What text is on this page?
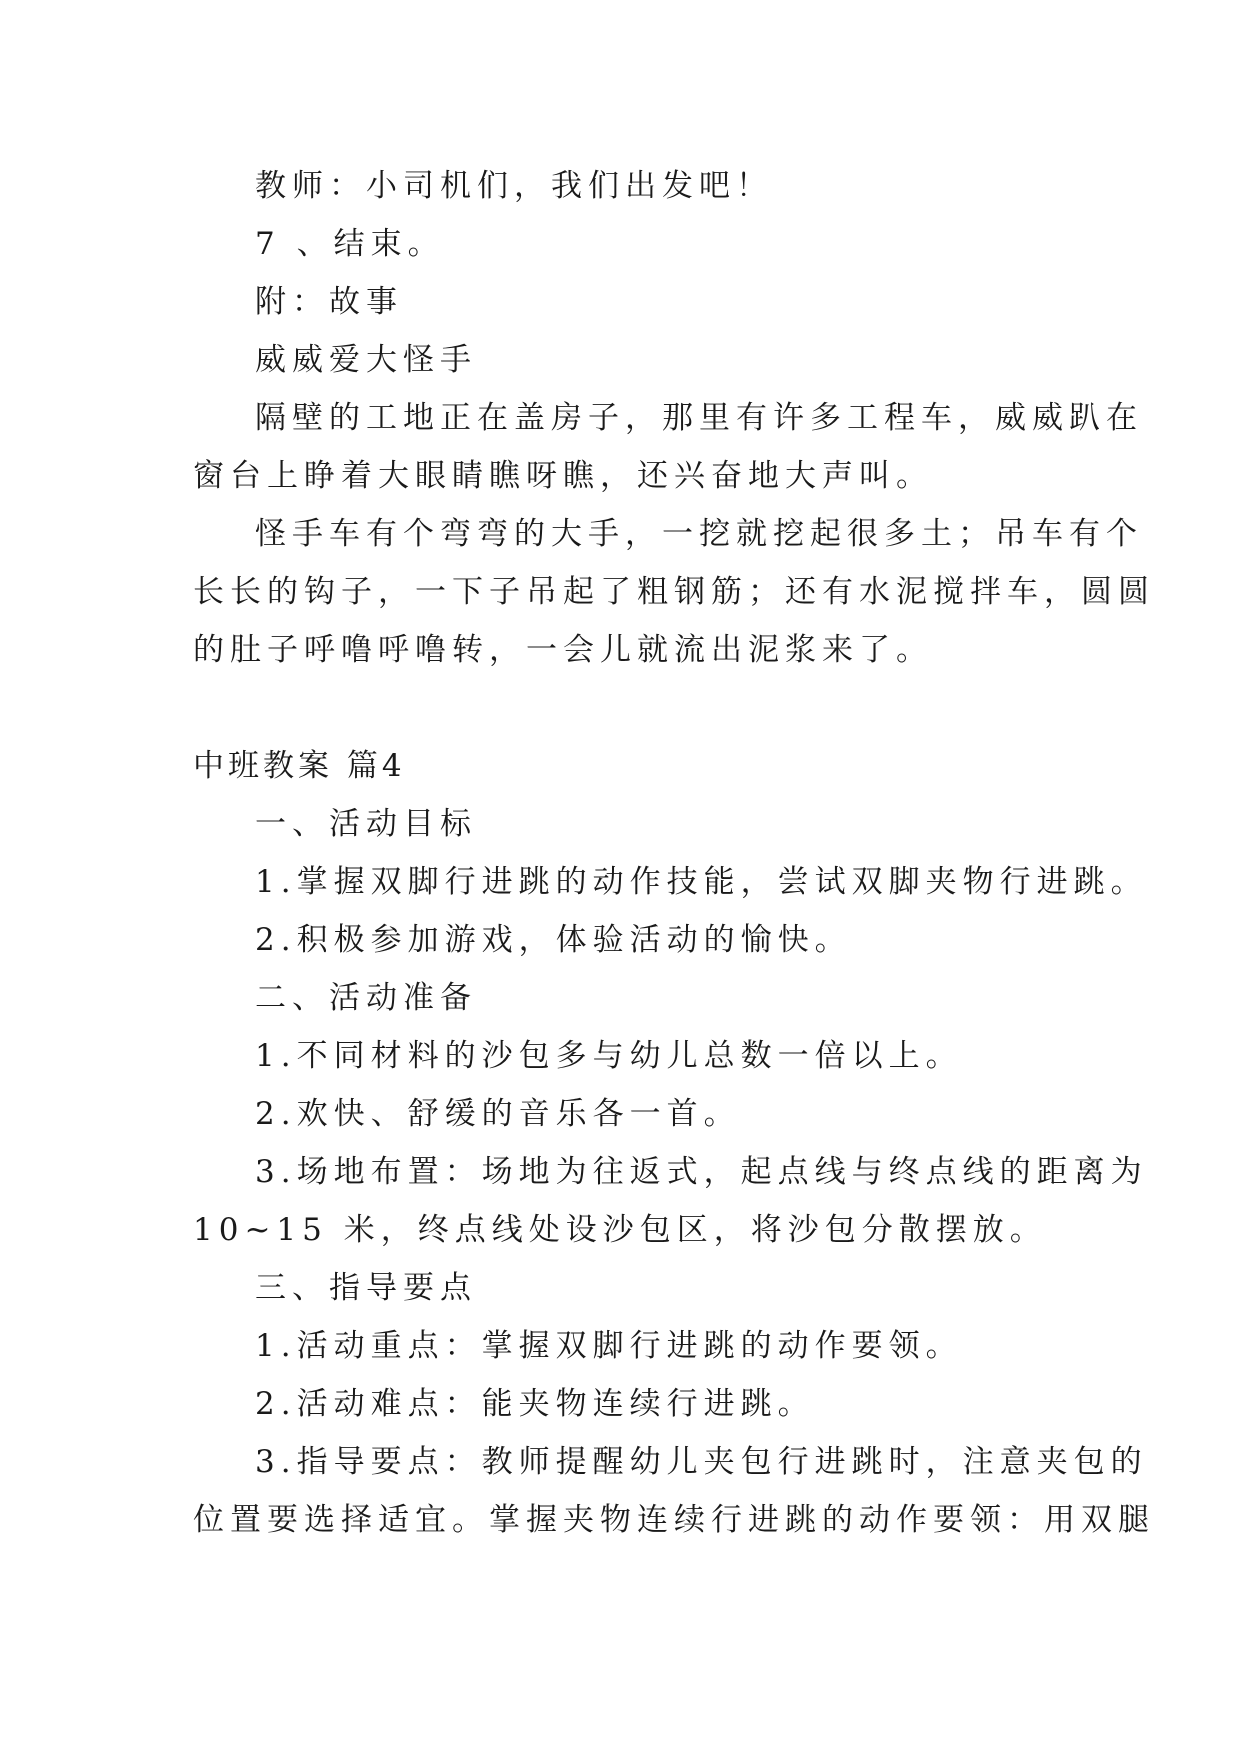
教师：小司机们，我们出发吧！
7 、结束。
附：故事
威威爱大怪手
隔壁的工地正在盖房子，那里有许多工程车，威威趴在
窗台上睁着大眼睛瞧呀瞧，还兴奋地大声叫。
怪手车有个弯弯的大手，一挖就挖起很多土；吊车有个
长长的钩子，一下子吊起了粗钢筋；还有水泥搅拌车，圆圆
的肚子呼噜呼噜转，一会儿就流出泥浆来了。
中班教案 篇4
一、活动目标
1.掌握双脚行进跳的动作技能，尝试双脚夹物行进跳。
2.积极参加游戏，体验活动的愉快。
二、活动准备
1.不同材料的沙包多与幼儿总数一倍以上。
2.欢快、舒缓的音乐各一首。
3.场地布置：场地为往返式，起点线与终点线的距离为
10~15 米，终点线处设沙包区，将沙包分散摆放。
三、指导要点
1.活动重点：掌握双脚行进跳的动作要领。
2.活动难点：能夹物连续行进跳。
3.指导要点：教师提醒幼儿夹包行进跳时，注意夹包的
位置要选择适宜。掌握夹物连续行进跳的动作要领：用双腿
